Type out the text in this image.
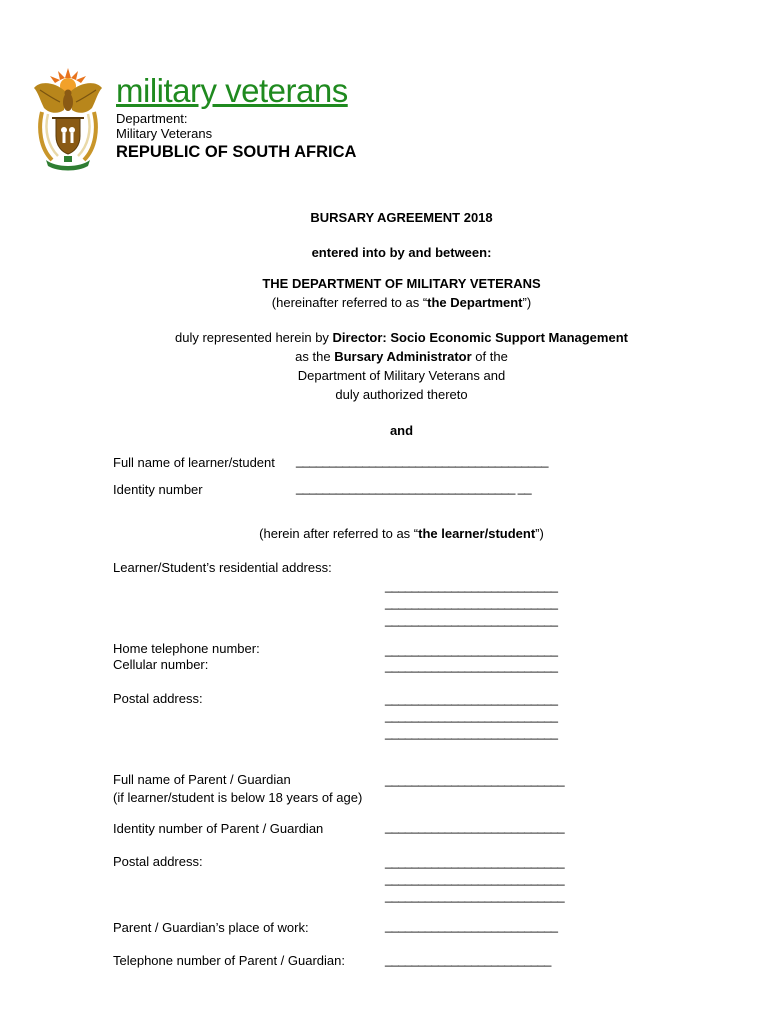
military veterans
Department:
Military Veterans
REPUBLIC OF SOUTH AFRICA
BURSARY AGREEMENT 2018
entered into by and between:
THE DEPARTMENT OF MILITARY VETERANS
(hereinafter referred to as “the Department”)
duly represented herein by Director: Socio Economic Support Management
as the Bursary Administrator of the
Department of Military Veterans and
duly authorized thereto
and
Full name of learner/student ______________________________________
Identity number	_________________________________ __
(herein after referred to as “the learner/student”)
Learner/Student’s residential address:
__________________________
__________________________
__________________________
Home telephone number:	__________________________
Cellular number:	__________________________
Postal address:	__________________________
__________________________
__________________________
Full name of Parent / Guardian
(if learner/student is below 18 years of age)
___________________________
Identity number of Parent / Guardian	___________________________
Postal address:	___________________________
___________________________
___________________________
Parent / Guardian’s place of work:	__________________________
Telephone number of Parent / Guardian:	_________________________
